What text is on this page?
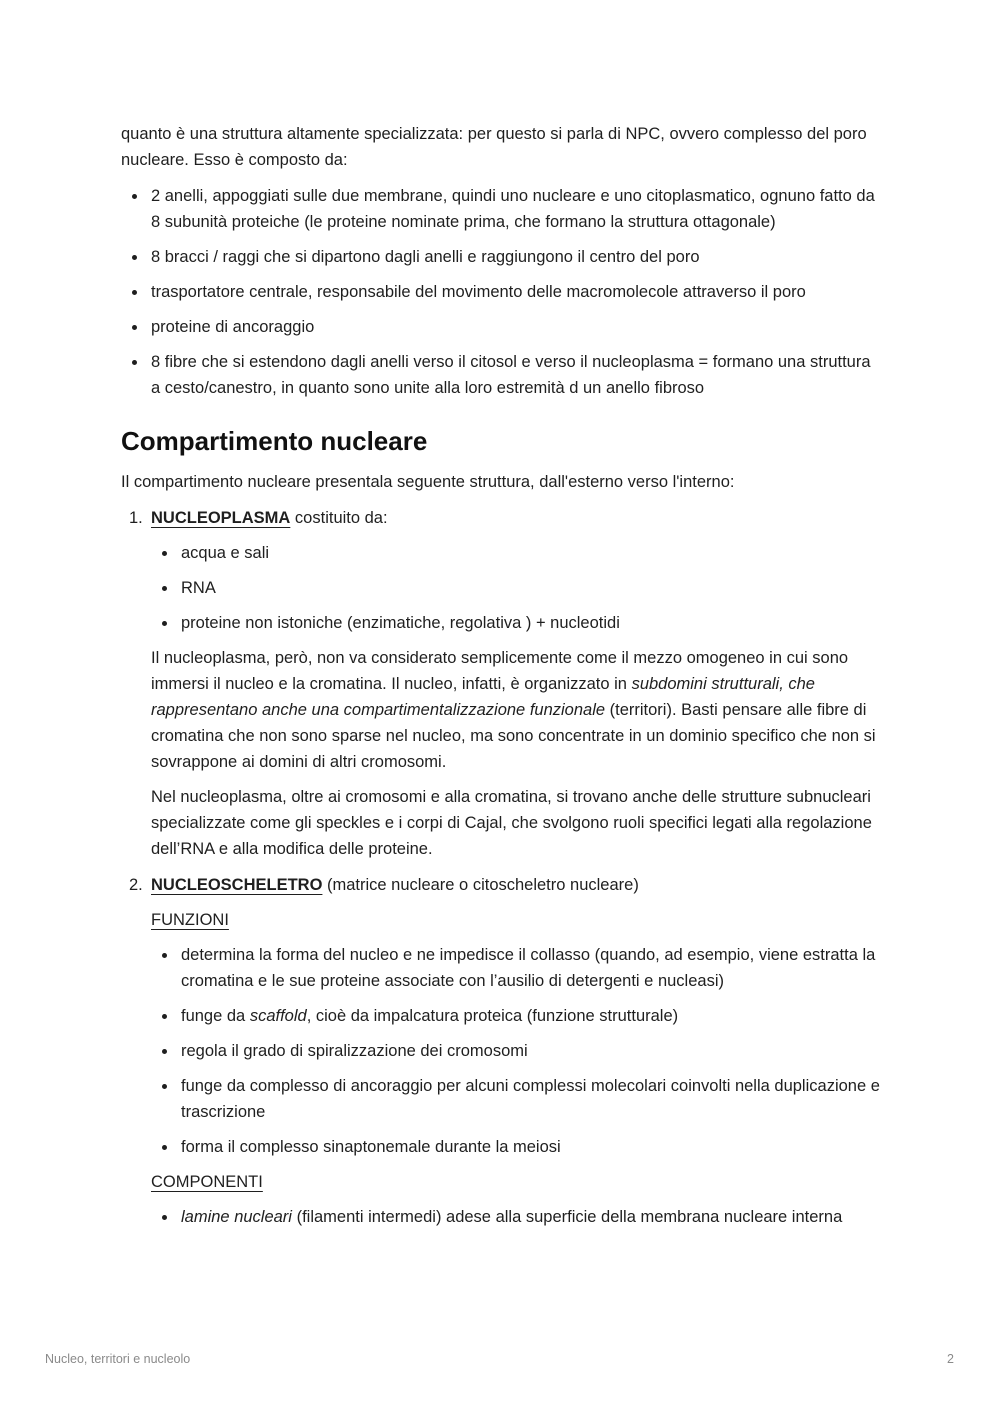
quanto è una struttura altamente specializzata: per questo si parla di NPC, ovvero complesso del poro nucleare. Esso è composto da:

2 anelli, appoggiati sulle due membrane, quindi uno nucleare e uno citoplasmatico, ognuno fatto da 8 subunità proteiche (le proteine nominate prima, che formano la struttura ottagonale)
8 bracci / raggi che si dipartono dagli anelli e raggiungono il centro del poro
trasportatore centrale, responsabile del movimento delle macromolecole attraverso il poro
proteine di ancoraggio
8 fibre che si estendono dagli anelli verso il citosol e verso il nucleoplasma = formano una struttura a cesto/canestro, in quanto sono unite alla loro estremità d un anello fibroso
Compartimento nucleare

Il compartimento nucleare presentala seguente struttura, dall'esterno verso l'interno:

1. NUCLEOPLASMA costituito da:

acqua e sali
RNA
proteine non istoniche (enzimatiche, regolativa ) + nucleotidi

Il nucleoplasma, però, non va considerato semplicemente come il mezzo omogeneo in cui sono immersi il nucleo e la cromatina. Il nucleo, infatti, è organizzato in subdomini strutturali, che rappresentano anche una compartimentalizzazione funzionale (territori). Basti pensare alle fibre di cromatina che non sono sparse nel nucleo, ma sono concentrate in un dominio specifico che non si sovrappone ai domini di altri cromosomi.

Nel nucleoplasma, oltre ai cromosomi e alla cromatina, si trovano anche delle strutture subnucleari specializzate come gli speckles e i corpi di Cajal, che svolgono ruoli specifici legati alla regolazione dell’RNA e alla modifica delle proteine.

2. NUCLEOSCHELETRO (matrice nucleare o citoscheletro nucleare)

FUNZIONI

determina la forma del nucleo e ne impedisce il collasso (quando, ad esempio, viene estratta la cromatina e le sue proteine associate con l’ausilio di detergenti e nucleasi)
funge da scaffold, cioè da impalcatura proteica (funzione strutturale)
regola il grado di spiralizzazione dei cromosomi
funge da complesso di ancoraggio per alcuni complessi molecolari coinvolti nella duplicazione e trascrizione
forma il complesso sinaptonemale durante la meiosi

COMPONENTI

lamine nucleari (filamenti intermedi) adese alla superficie della membrana nucleare interna
Nucleo, territori e nucleolo	2
